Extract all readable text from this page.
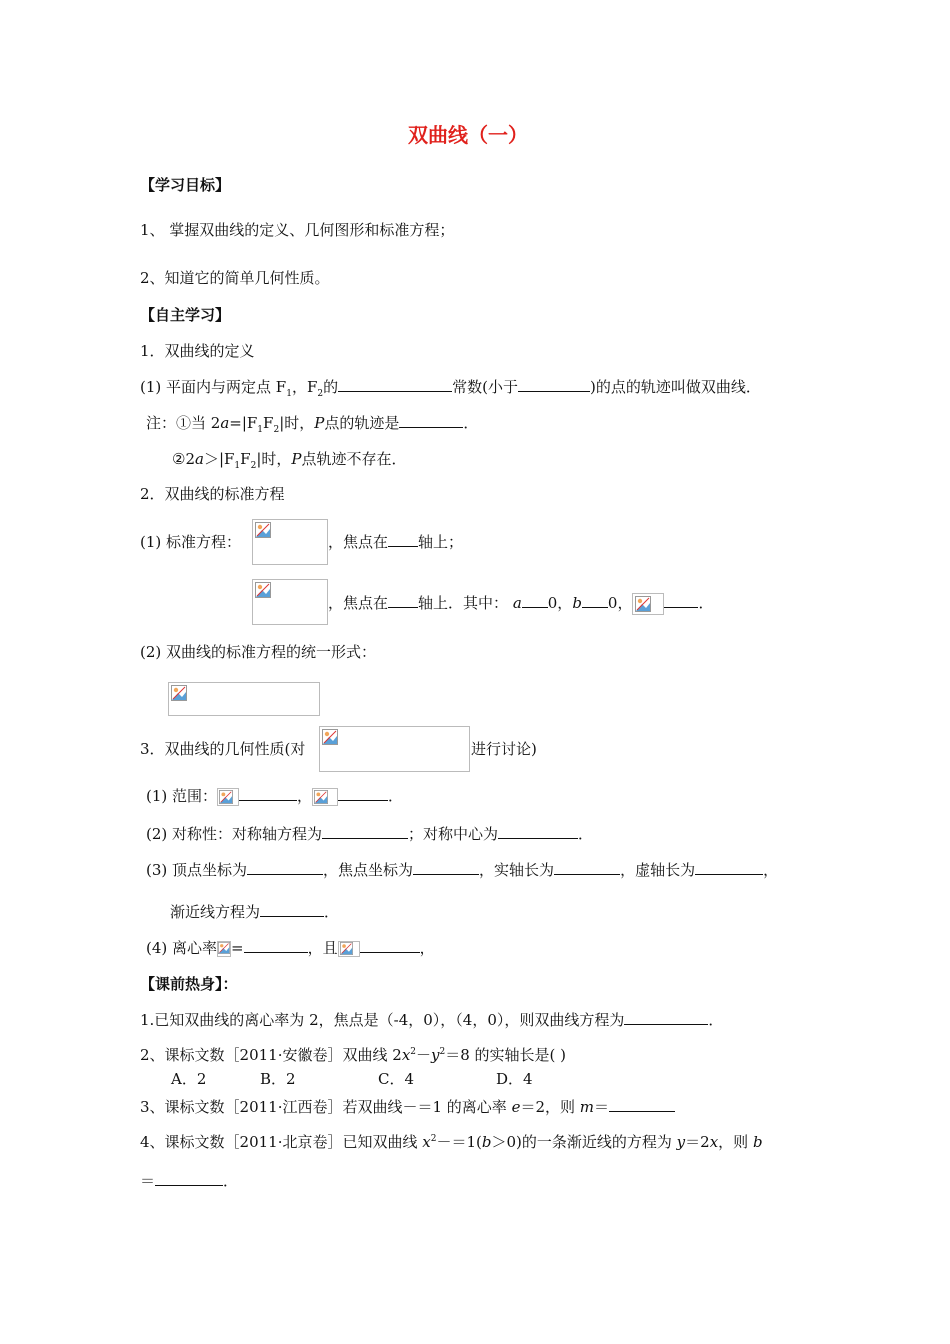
双曲线（一）
【学习目标】
1、 掌握双曲线的定义、几何图形和标准方程；
2、知道它的简单几何性质。
【自主学习】
1．双曲线的定义
(1) 平面内与两定点 $F_1$，$F_2$的	常数(小于	)的点的轨迹叫做双曲线．
注：①当 $2a=|F_1F_2|$时，P点的轨迹是	．
$②2a>|F_1F_2|$时，P点轨迹不存在．
2．双曲线的标准方程
(1) 标准方程：	，焦点在 轴上；
，焦点在 轴上．其中： a 0，b 0，	．
(2) 双曲线的标准方程的统一形式：
3．双曲线的几何性质(对	进行讨论)
(1) 范围：	，	．
(2) 对称性：对称轴方程为	；对称中心为	．
(3) 顶点坐标为	，焦点坐标为	，实轴长为	，虚轴长为	，
渐近线方程为	．
(4) 离心率 =	，且	，
【课前热身】：
1.已知双曲线的离心率为 2，焦点是（-4，0），（4，0），则双曲线方程为	．
2、课标文数［2011·安徽卷］双曲线 $2x^2-y^2=8$ 的实轴长是( )
A．2	B．2	C．4	D．4
3、课标文数［2011·江西卷］若双曲线－＝1 的离心率 e＝2，则 m＝
4、课标文数［2011·北京卷］已知双曲线 $x^2-=1(b>0)$的一条渐近线的方程为 y＝2x，则 b
＝	．
